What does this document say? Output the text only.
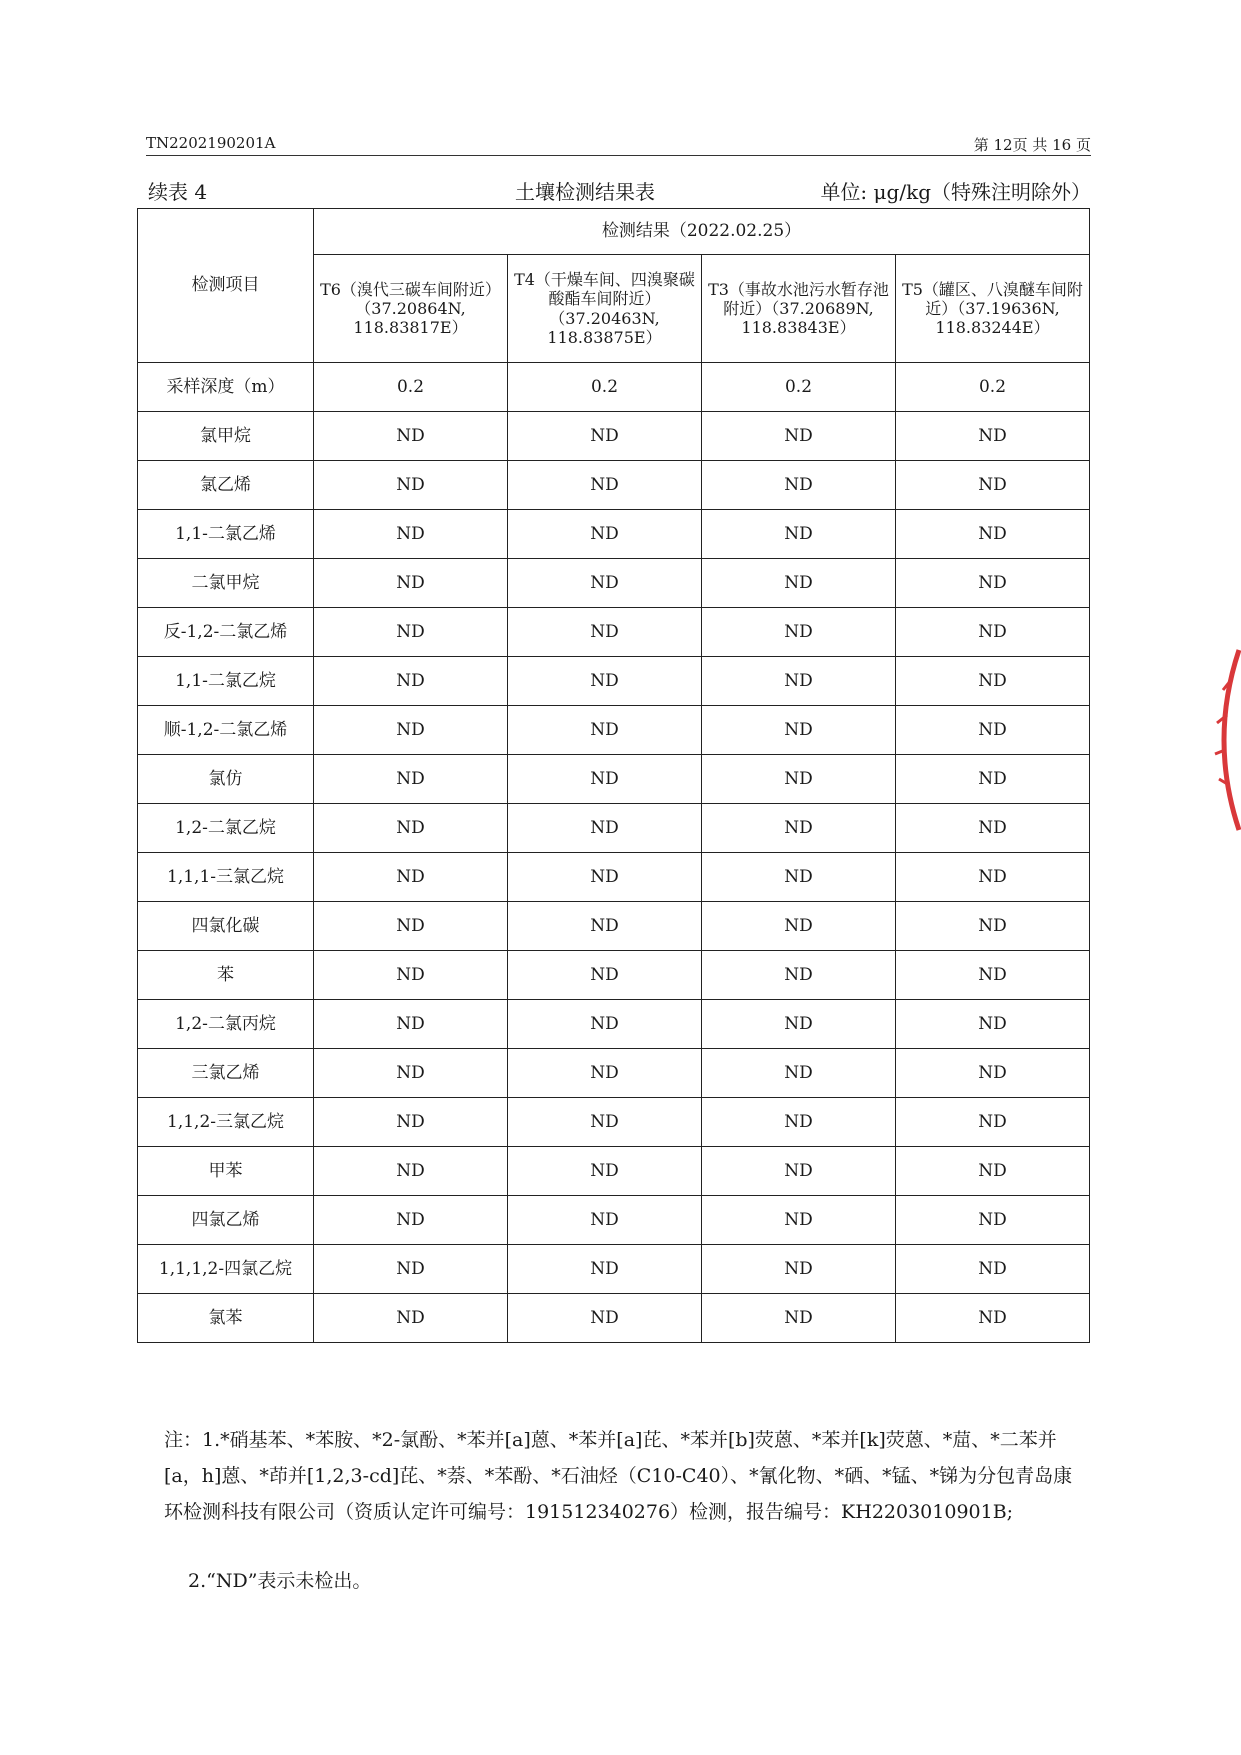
TN2202190201A	第 12页 共 16 页
续表 4	土壤检测结果表	单位: μg/kg（特殊注明除外）
检测项目	检测结果（2022.02.25）			
	T6（溴代三碳车间附近）（37.20864N, 118.83817E）	T4（干燥车间、四溴聚碳酸酯车间附近）（37.20463N, 118.83875E）	T3（事故水池污水暂存池附近）（37.20689N, 118.83843E）	T5（罐区、八溴醚车间附近）（37.19636N, 118.83244E）
采样深度（m）	0.2	0.2	0.2	0.2
氯甲烷	ND	ND	ND	ND
氯乙烯	ND	ND	ND	ND
1,1-二氯乙烯	ND	ND	ND	ND
二氯甲烷	ND	ND	ND	ND
反-1,2-二氯乙烯	ND	ND	ND	ND
1,1-二氯乙烷	ND	ND	ND	ND
顺-1,2-二氯乙烯	ND	ND	ND	ND
氯仿	ND	ND	ND	ND
1,2-二氯乙烷	ND	ND	ND	ND
1,1,1-三氯乙烷	ND	ND	ND	ND
四氯化碳	ND	ND	ND	ND
苯	ND	ND	ND	ND
1,2-二氯丙烷	ND	ND	ND	ND
三氯乙烯	ND	ND	ND	ND
1,1,2-三氯乙烷	ND	ND	ND	ND
甲苯	ND	ND	ND	ND
四氯乙烯	ND	ND	ND	ND
1,1,1,2-四氯乙烷	ND	ND	ND	ND
氯苯	ND	ND	ND	ND
注：1.*硝基苯、*苯胺、*2-氯酚、*苯并[a]蒽、*苯并[a]芘、*苯并[b]荧蒽、*苯并[k]荧蒽、*䓛、*二苯并[a，h]蒽、*茚并[1,2,3-cd]芘、*萘、*苯酚、*石油烃（C10-C40）、*氰化物、*硒、*锰、*锑为分包青岛康环检测科技有限公司（资质认定许可编号：191512340276）检测，报告编号：KH2203010901B;
2.“ND”表示未检出。
